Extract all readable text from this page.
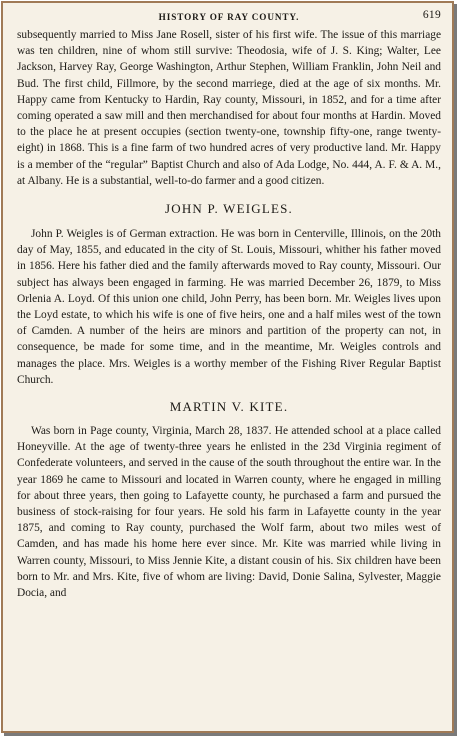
HISTORY OF RAY COUNTY.	619

subsequently married to Miss Jane Rosell, sister of his first wife. The issue of this marriage was ten children, nine of whom still survive: Theodosia, wife of J. S. King; Walter, Lee Jackson, Harvey Ray, George Washington, Arthur Stephen, William Franklin, John Neil and Bud. The first child, Fillmore, by the second marriege, died at the age of six months. Mr. Happy came from Kentucky to Hardin, Ray county, Missouri, in 1852, and for a time after coming operated a saw mill and then merchandised for about four months at Hardin. Moved to the place he at present occupies (section twenty-one, township fifty-one, range twenty-eight) in 1868. This is a fine farm of two hundred acres of very productive land. Mr. Happy is a member of the “regular” Baptist Church and also of Ada Lodge, No. 444, A. F. & A. M., at Albany. He is a substantial, well-to-do farmer and a good citizen.

JOHN P. WEIGLES.

John P. Weigles is of German extraction. He was born in Centerville, Illinois, on the 20th day of May, 1855, and educated in the city of St. Louis, Missouri, whither his father moved in 1856. Here his father died and the family afterwards moved to Ray county, Missouri. Our subject has always been engaged in farming. He was married December 26, 1879, to Miss Orlenia A. Loyd. Of this union one child, John Perry, has been born. Mr. Weigles lives upon the Loyd estate, to which his wife is one of five heirs, one and a half miles west of the town of Camden. A number of the heirs are minors and partition of the property can not, in consequence, be made for some time, and in the meantime, Mr. Weigles controls and manages the place. Mrs. Weigles is a worthy member of the Fishing River Regular Baptist Church.

MARTIN V. KITE.

Was born in Page county, Virginia, March 28, 1837. He attended school at a place called Honeyville. At the age of twenty-three years he enlisted in the 23d Virginia regiment of Confederate volunteers, and served in the cause of the south throughout the entire war. In the year 1869 he came to Missouri and located in Warren county, where he engaged in milling for about three years, then going to Lafayette county, he purchased a farm and pursued the business of stock-raising for four years. He sold his farm in Lafayette county in the year 1875, and coming to Ray county, purchased the Wolf farm, about two miles west of Camden, and has made his home here ever since. Mr. Kite was married while living in Warren county, Missouri, to Miss Jennie Kite, a distant cousin of his. Six children have been born to Mr. and Mrs. Kite, five of whom are living: David, Donie Salina, Sylvester, Maggie Docia, and
